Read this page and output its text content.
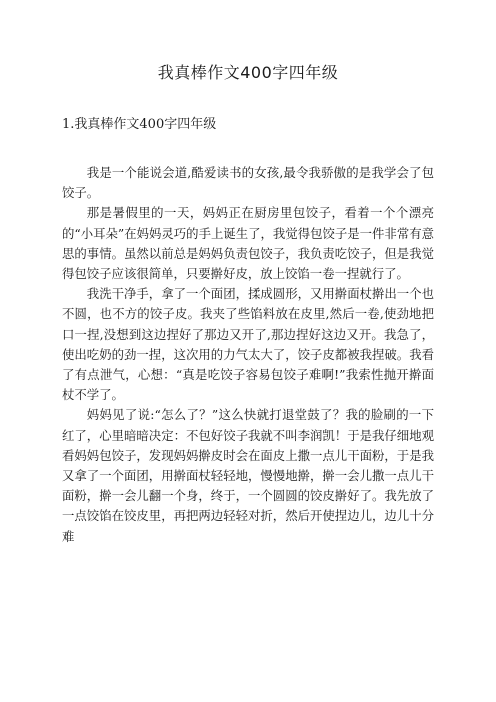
我真棒作文400字四年级
1.我真棒作文400字四年级

我是一个能说会道,酷爱读书的女孩,最令我骄傲的是我学会了包饺子。

那是暑假里的一天，妈妈正在厨房里包饺子，看着一个个漂亮的“小耳朵”在妈妈灵巧的手上诞生了，我觉得包饺子是一件非常有意思的事情。虽然以前总是妈妈负责包饺子，我负责吃饺子，但是我觉得包饺子应该很简单，只要擀好皮，放上饺馅一卷一捏就行了。

我洗干净手，拿了一个面团，揉成圆形，又用擀面杖擀出一个也不圆，也不方的饺子皮。我夹了些馅料放在皮里,然后一卷,使劲地把口一捏,没想到这边捏好了那边又开了,那边捏好这边又开。我急了，使出吃奶的劲一捏，这次用的力气太大了，饺子皮都被我捏破。我看了有点泄气，心想：“真是吃饺子容易包饺子难啊!”我索性抛开擀面杖不学了。

妈妈见了说:“怎么了？”这么快就打退堂鼓了？我的脸刷的一下红了，心里暗暗决定：不包好饺子我就不叫李润凯！于是我仔细地观看妈妈包饺子，发现妈妈擀皮时会在面皮上撒一点儿干面粉，于是我又拿了一个面团，用擀面杖轻轻地，慢慢地擀，擀一会儿撒一点儿干面粉，擀一会儿翻一个身，终于，一个圆圆的饺皮擀好了。我先放了一点饺馅在饺皮里，再把两边轻轻对折，然后开使捏边儿，边儿十分难
